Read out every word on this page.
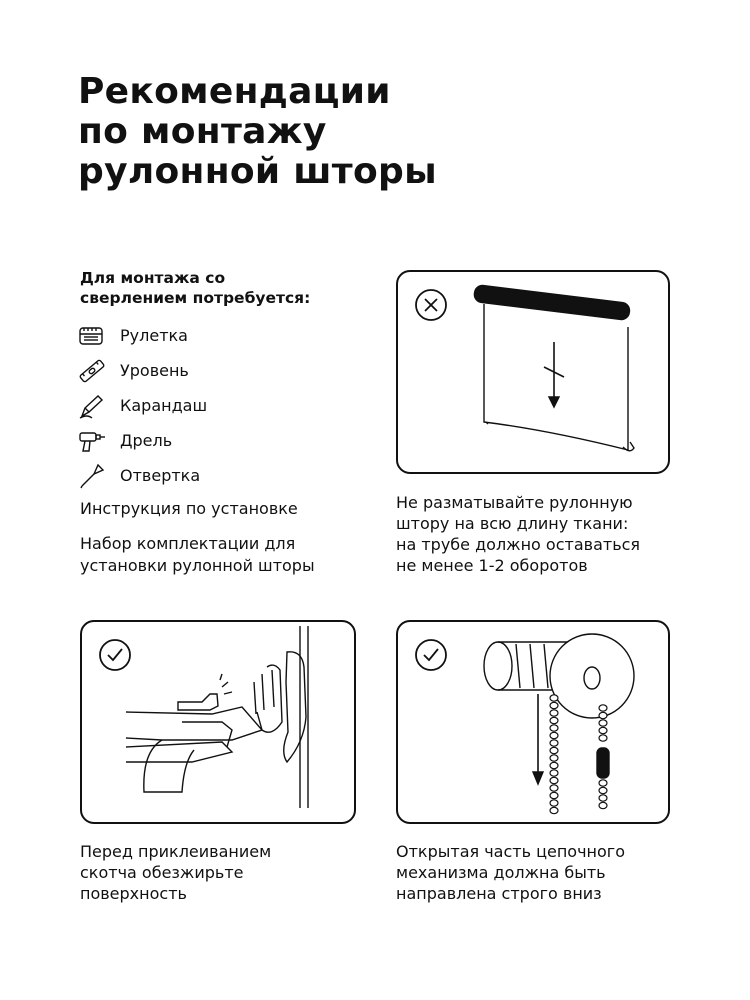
Рекомендации
по монтажу
рулонной шторы
Для монтажа со
сверлением потребуется:
Рулетка
Уровень
Карандаш
Дрель
Отвертка
Инструкция по установке
Набор комплектации для
установки рулонной шторы
Не разматывайте рулонную
штору на всю длину ткани:
на трубе должно оставаться
не менее 1-2 оборотов
Перед приклеиванием
скотча обезжирьте
поверхность
Открытая часть цепочного
механизма должна быть
направлена строго вниз
